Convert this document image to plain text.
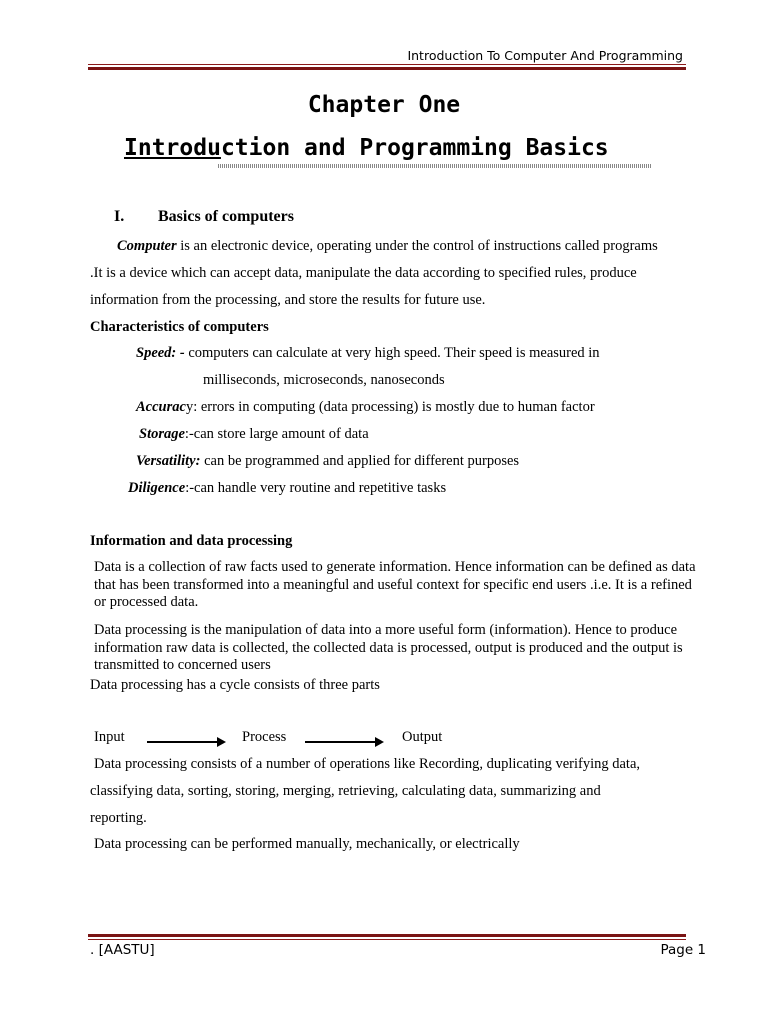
Introduction To Computer And Programming
Chapter One
Introduction and Programming Basics
I. Basics of computers
Computer is an electronic device, operating under the control of instructions called programs
.It is a device which can accept data, manipulate the data according to specified rules, produce
information from the processing, and store the results for future use.
Characteristics of computers
Speed: - computers can calculate at very high speed. Their speed is measured in
milliseconds, microseconds, nanoseconds
Accuracy: errors in computing (data processing) is mostly due to human factor
Storage:-can store large amount of data
Versatility: can be programmed and applied for different purposes
Diligence:-can handle very routine and repetitive tasks
Information and data processing
Data is a collection of raw facts used to generate information. Hence information can be defined as data that has been transformed into a meaningful and useful context for specific end users .i.e. It is a refined or processed data.
Data processing is the manipulation of data into a more useful form (information). Hence to produce information raw data is collected, the collected data is processed, output is produced and the output is transmitted to concerned users
Data processing has a cycle consists of three parts
Input	Process	Output
Data processing consists of a number of operations like Recording, duplicating verifying data,
classifying data, sorting, storing, merging, retrieving, calculating data, summarizing and
reporting.
Data processing can be performed manually, mechanically, or electrically
. [AASTU]	Page 1
